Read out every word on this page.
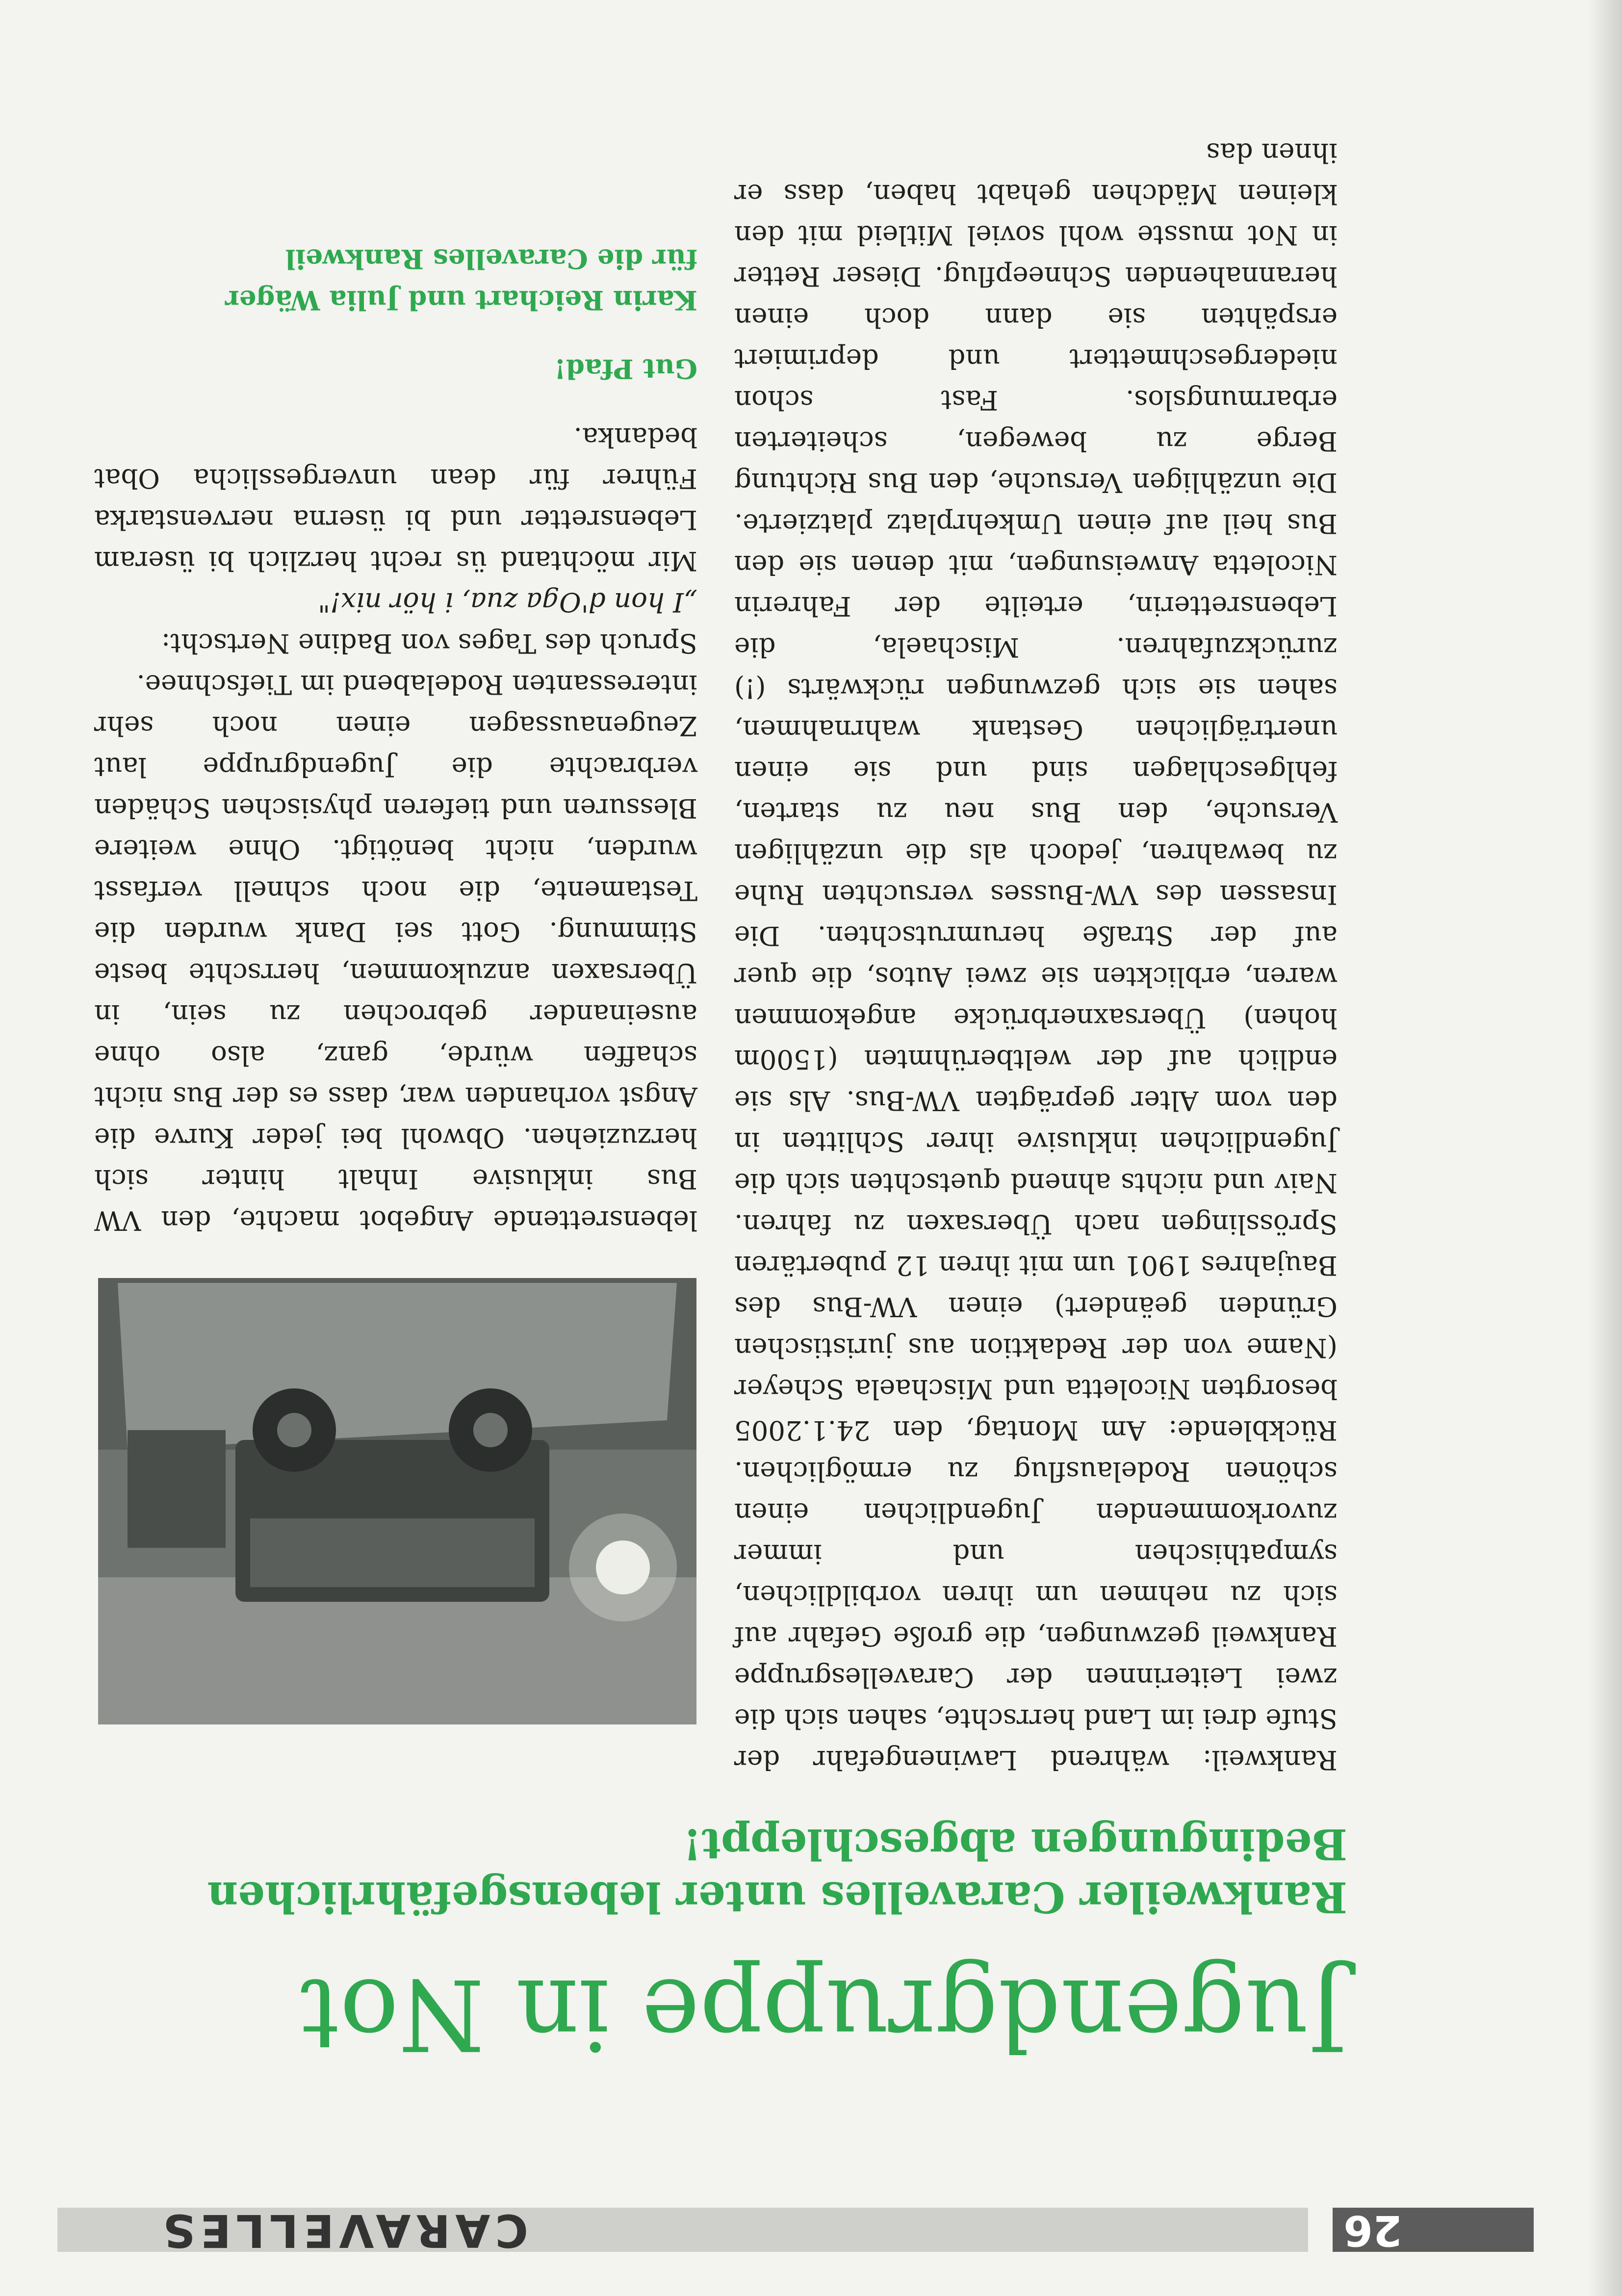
26
CARAVELLES
Jugendgruppe in Not
Rankweiler Caravelles unter lebensgefährlichen Bedingungen abgeschleppt!

Rankweil: während Lawinengefahr der Stufe drei im Land herrschte, sahen sich die zwei Leiterinnen der Caravellesgruppe Rankweil gezwungen, die große Gefahr auf sich zu nehmen um ihren vorbildlichen, sympathischen und immer zuvorkommenden Jugendlichen einen schönen Rodelausflug zu ermöglichen. Rückblende: Am Montag, den 24.1.2005 besorgten Nicoletta und Mischaela Scheyer (Name von der Redaktion aus juristischen Gründen geändert) einen VW-Bus des Baujahres 1901 um mit ihren 12 pubertären Sprösslingen nach Übersaxen zu fahren. Naiv und nichts ahnend quetschten sich die Jugendlichen inklusive ihrer Schlitten in den vom Alter geprägten VW-Bus. Als sie endlich auf der weltberühmten (1500m hohen) Übersaxnerbrücke angekommen waren, erblickten sie zwei Autos, die quer auf der Straße herumrutschten. Die Insassen des VW-Busses versuchten Ruhe zu bewahren, jedoch als die unzähligen Versuche, den Bus neu zu starten, fehlgeschlagen sind und sie einen unerträglichen Gestank wahrnahmen, sahen sie sich gezwungen rückwärts (!) zurückzufahren. Mischaela, die Lebensretterin, erteilte der Fahrerin Nicoletta Anweisungen, mit denen sie den Bus heil auf einen Umkehrplatz platzierte. Die unzähligen Versuche, den Bus Richtung Berge zu bewegen, scheiterten erbarmungslos. Fast schon niedergeschmettert und deprimiert erspähten sie dann doch einen herannahenden Schneepflug. Dieser Retter in Not musste wohl soviel Mitleid mit den kleinen Mädchen gehabt haben, dass er ihnen das

lebensrettende Angebot machte, den VW Bus inklusive Inhalt hinter sich herzuziehen. Obwohl bei jeder Kurve die Angst vorhanden war, dass es der Bus nicht schaffen würde, ganz, also ohne auseinander gebrochen zu sein, in Übersaxen anzukommen, herrschte beste Stimmung. Gott sei Dank wurden die Testamente, die noch schnell verfasst wurden, nicht benötigt. Ohne weitere Blessuren und tieferen physischen Schäden verbrachte die Jugendgruppe laut Zeugenaussagen einen noch sehr interessanten Rodelabend im Tiefschnee.

Spruch des Tages von Badine Nertscht:

„I hon d'Oga zua, i hör nix!"

Mir möchtand üs recht herzlich bi üseram Lebensretter und bi üserna nervenstarka Führer für dean unvergesslicha Obat bedanka.

Gut Pfad!

Karin Reichart und Julia Wäger

für die Caravelles Rankweil
